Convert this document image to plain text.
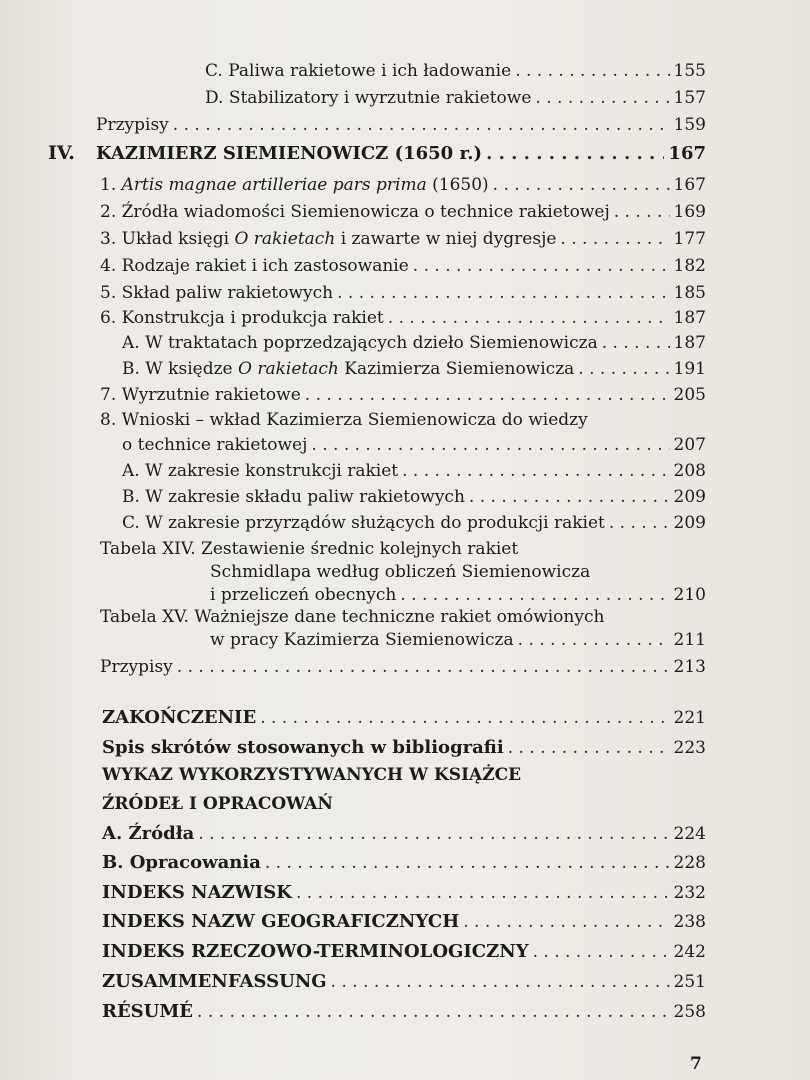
C. Paliwa rakietowe i ich ładowanie . . .	155
D. Stabilizatory i wyrzutnie rakietowe . . .	157
Przypisy . . .	159
IV. KAZIMIERZ SIEMIENOWICZ (1650 r.) . . .	167
1. Artis magnae artilleriae pars prima (1650) . . .	167
2. Źródła wiadomości Siemienowicza o technice rakietowej . . .	169
3. Układ księgi O rakietach i zawarte w niej dygresje . . .	177
4. Rodzaje rakiet i ich zastosowanie . . .	182
5. Skład paliw rakietowych . . .	185
6. Konstrukcja i produkcja rakiet . . .	187
A. W traktatach poprzedzających dzieło Siemienowicza . . .	187
B. W księdze O rakietach Kazimierza Siemienowicza . . .	191
7. Wyrzutnie rakietowe . . .	205
8. Wnioski – wkład Kazimierza Siemienowicza do wiedzy
o technice rakietowej . . .	207
A. W zakresie konstrukcji rakiet . . .	208
B. W zakresie składu paliw rakietowych . . .	209
C. W zakresie przyrządów służących do produkcji rakiet . . .	209
Tabela XIV. Zestawienie średnic kolejnych rakiet
Schmidlapa według obliczeń Siemienowicza
i przeliczeń obecnych . . .	210
Tabela XV. Ważniejsze dane techniczne rakiet omówionych
w pracy Kazimierza Siemienowicza . . .	211
Przypisy . . .	213
ZAKOŃCZENIE . . .	221
Spis skrótów stosowanych w bibliografii . . .	223
WYKAZ WYKORZYSTYWANYCH W KSIĄŻCE
ŹRÓDEŁ I OPRACOWAŃ
A. Źródła . . .	224
B. Opracowania . . .	228
INDEKS NAZWISK . . .	232
INDEKS NAZW GEOGRAFICZNYCH . . .	238
INDEKS RZECZOWO-TERMINOLOGICZNY . . .	242
ZUSAMMENFASSUNG . . .	251
RÉSUMÉ . . .	258
7
